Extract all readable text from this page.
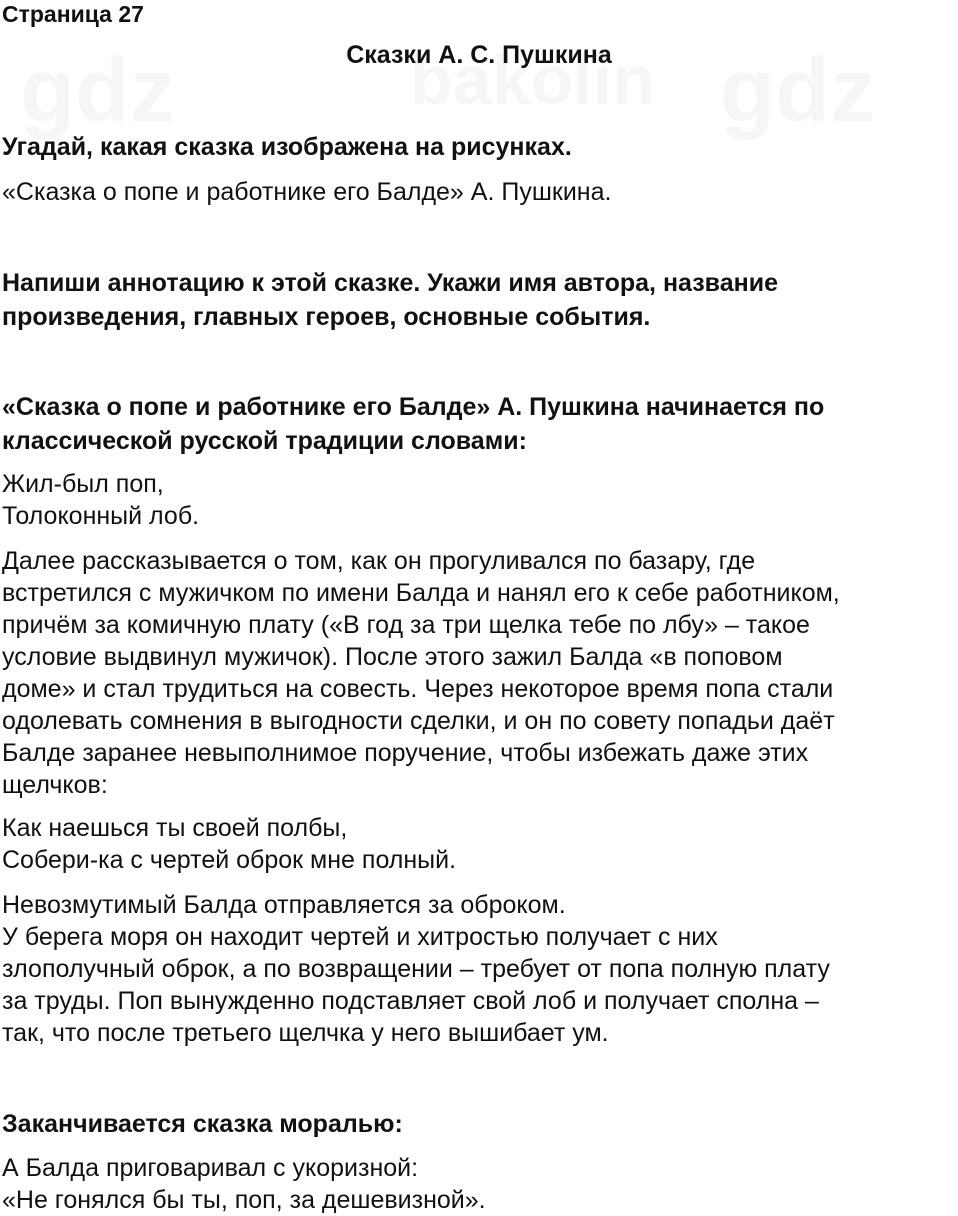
Страница 27

Сказки А. С. Пушкина

Угадай, какая сказка изображена на рисунках.

«Сказка о попе и работнике его Балде» А. Пушкина.

Напиши аннотацию к этой сказке. Укажи имя автора, название

произведения, главных героев, основные события.

«Сказка о попе и работнике его Балде» А. Пушкина начинается по

классической русской традиции словами:

Жил-был поп,

Толоконный лоб.

Далее рассказывается о том, как он прогуливался по базару, где

встретился с мужичком по имени Балда и нанял его к себе работником,

причём за комичную плату («В год за три щелка тебе по лбу» – такое

условие выдвинул мужичок). После этого зажил Балда «в поповом

доме» и стал трудиться на совесть. Через некоторое время попа стали

одолевать сомнения в выгодности сделки, и он по совету попадьи даёт

Балде заранее невыполнимое поручение, чтобы избежать даже этих

щелчков:

Как наешься ты своей полбы,

Собери-ка с чертей оброк мне полный.

Невозмутимый Балда отправляется за оброком.

У берега моря он находит чертей и хитростью получает с них

злополучный оброк, а по возвращении – требует от попа полную плату

за труды. Поп вынужденно подставляет свой лоб и получает сполна –

так, что после третьего щелчка у него вышибает ум.

Заканчивается сказка моралью:

А Балда приговаривал с укоризной:

«Не гонялся бы ты, поп, за дешевизной».
